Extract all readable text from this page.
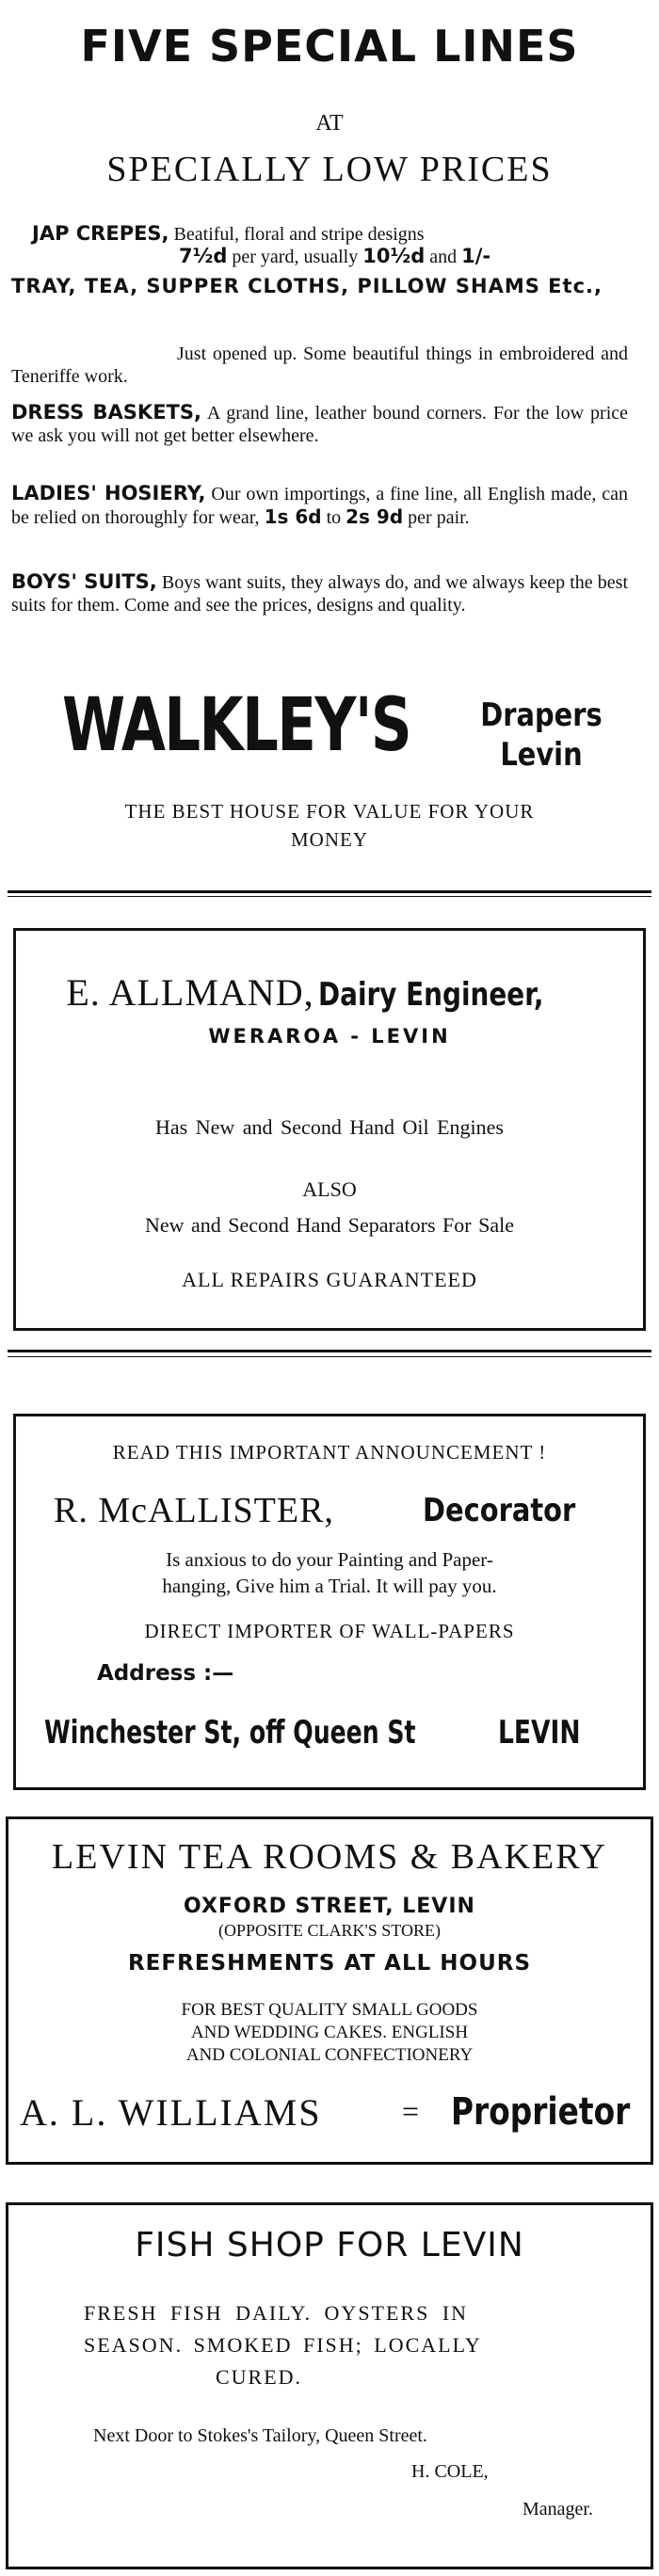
FIVE SPECIAL LINES
AT
SPECIALLY LOW PRICES
JAP CREPES, Beatiful, floral and stripe designs
7½d per yard, usually 10½d and 1/-
TRAY, TEA, SUPPER CLOTHS, PILLOW SHAMS Etc.,
Just opened up. Some beautiful things in embroidered and Teneriffe work.
DRESS BASKETS, A grand line, leather bound corners. For the low price we ask you will not get better elsewhere.
LADIES' HOSIERY, Our own importings, a fine line, all English made, can be relied on thoroughly for wear, 1s 6d to 2s 9d per pair.
BOYS' SUITS, Boys want suits, they always do, and we always keep the best suits for them. Come and see the prices, designs and quality.
WALKLEY'S	Drapers
Levin
THE BEST HOUSE FOR VALUE FOR YOUR
MONEY
E. ALLMAND, Dairy Engineer,
WERAROA - LEVIN
Has New and Second Hand Oil Engines
ALSO
New and Second Hand Separators For Sale
ALL REPAIRS GUARANTEED
READ THIS IMPORTANT ANNOUNCEMENT !
R. McALLISTER,	Decorator
Is anxious to do your Painting and Paper-
hanging, Give him a Trial. It will pay you.
DIRECT IMPORTER OF WALL-PAPERS
Address :—
Winchester St, off Queen St	LEVIN
LEVIN TEA ROOMS & BAKERY
OXFORD STREET, LEVIN
(OPPOSITE CLARK'S STORE)
REFRESHMENTS AT ALL HOURS
FOR BEST QUALITY SMALL GOODS
AND WEDDING CAKES. ENGLISH
AND COLONIAL CONFECTIONERY
A. L. WILLIAMS	= Proprietor
FISH SHOP FOR LEVIN
FRESH FISH DAILY. OYSTERS IN
SEASON. SMOKED FISH; LOCALLY
CURED.
Next Door to Stokes's Tailory, Queen Street.
H. COLE,
Manager.
